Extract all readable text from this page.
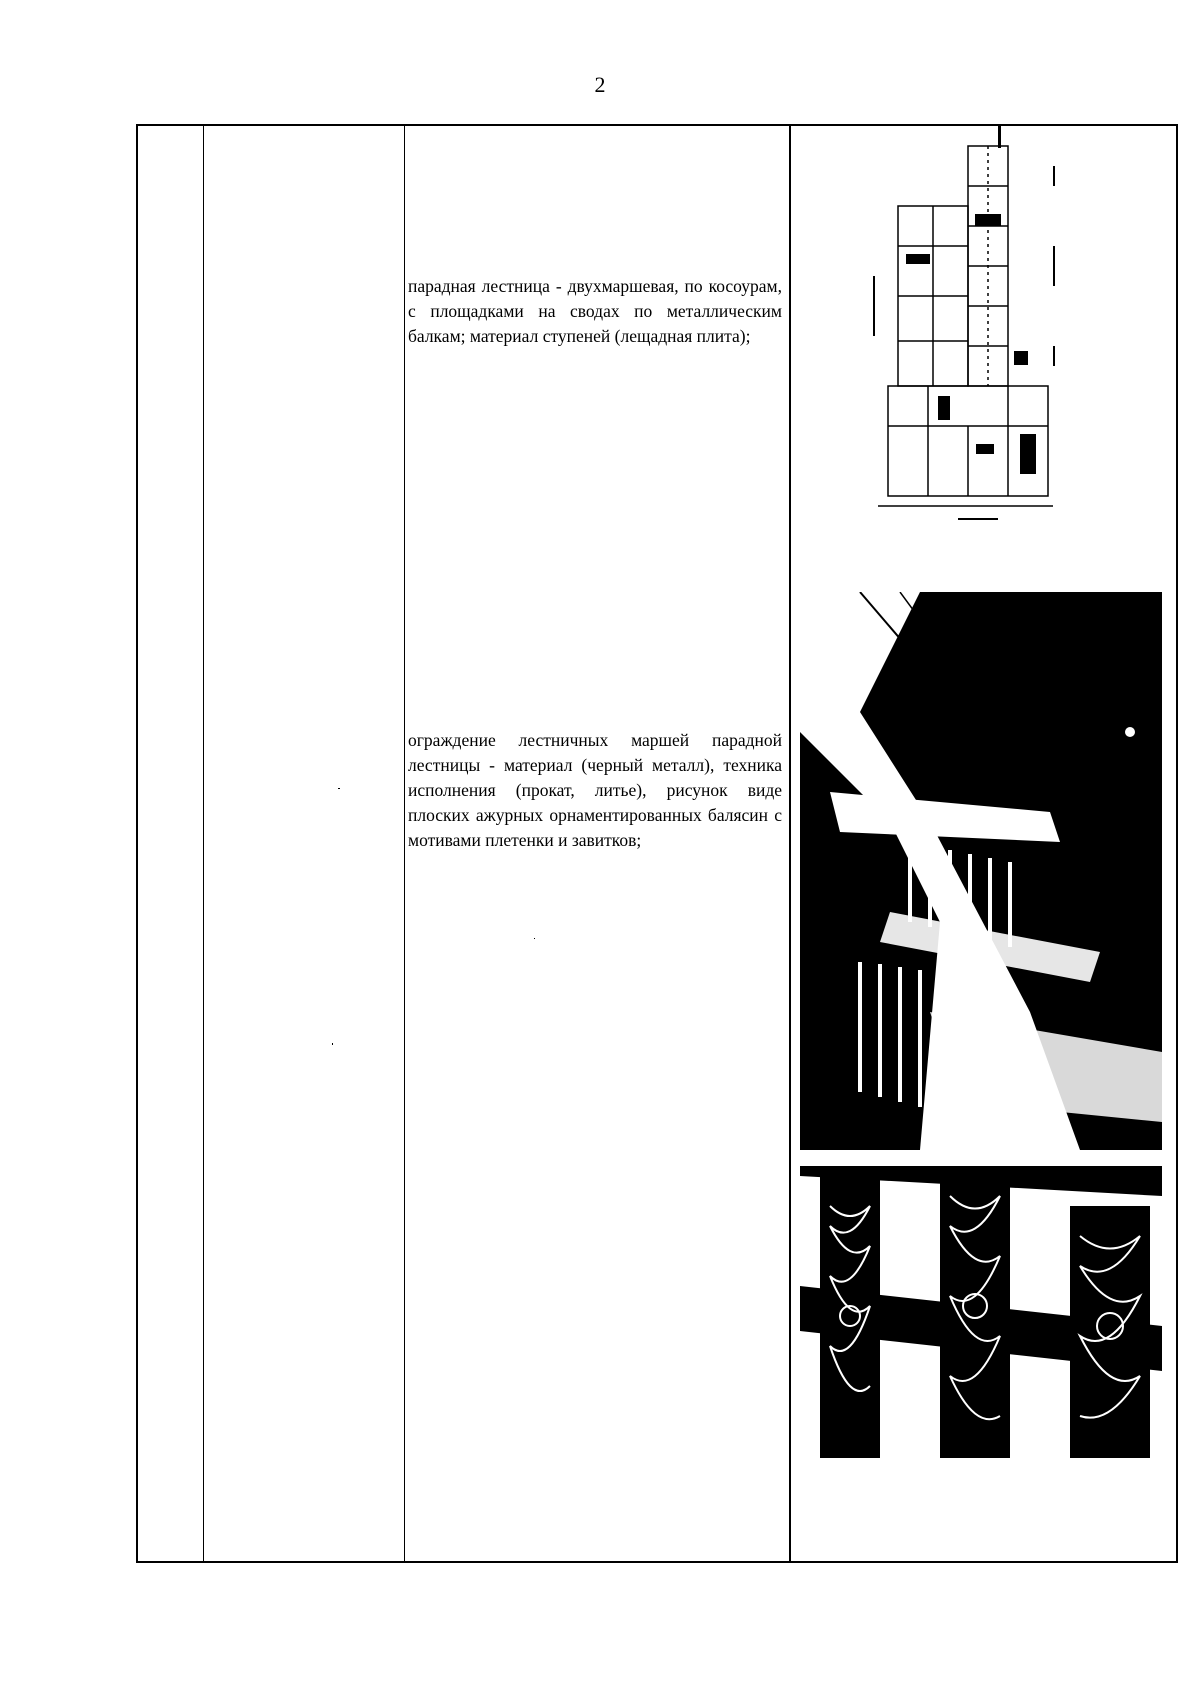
2
парадная лестница - двухмаршевая, по косоурам, с площадками на сводах по металлическим балкам; материал ступеней (лещадная плита);
ограждение лестничных маршей парадной лестницы - материал (черный металл), техника исполнения (прокат, литье), рисунок виде плоских ажурных орнаментированных балясин с мотивами плетенки и завитков;
